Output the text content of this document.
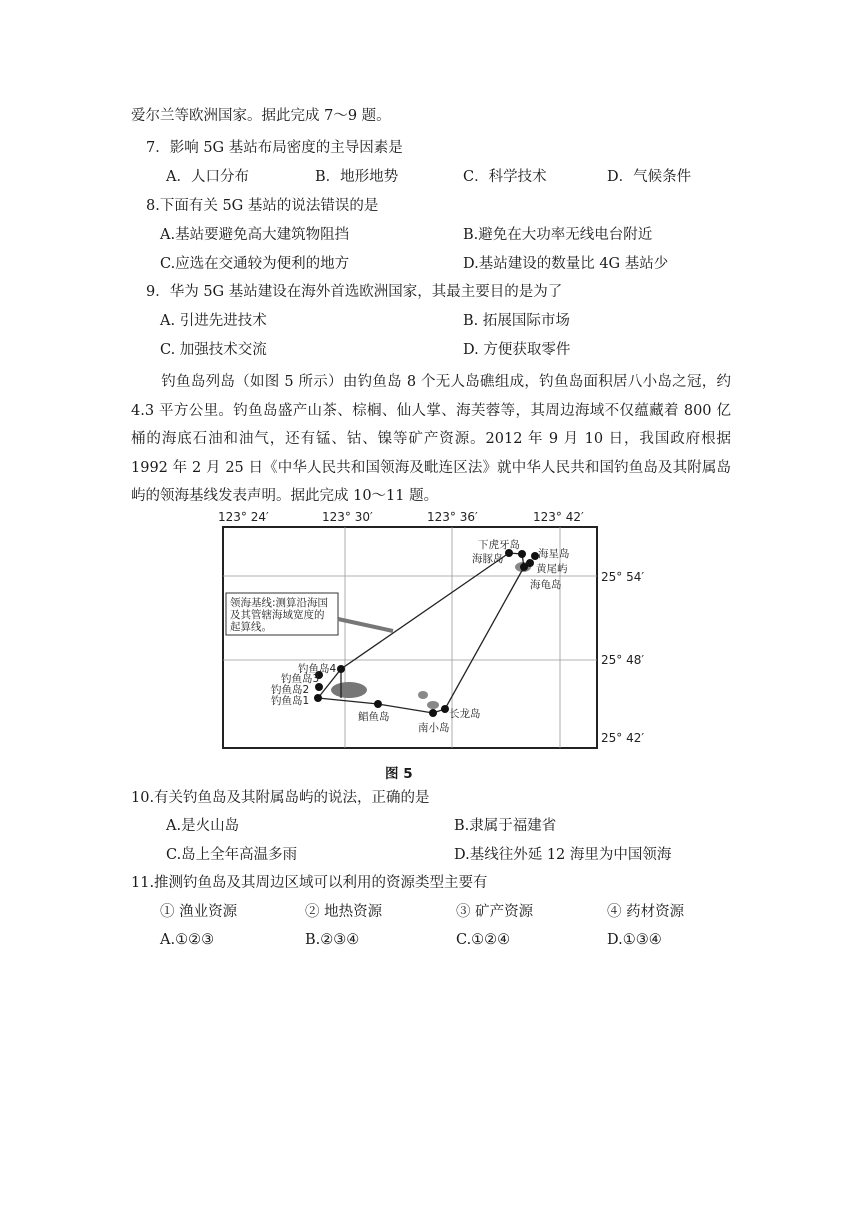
爱尔兰等欧洲国家。据此完成 7～9 题。
7．影响 5G 基站布局密度的主导因素是
A．人口分布	B．地形地势	C．科学技术	D．气候条件
8.下面有关 5G 基站的说法错误的是
A.基站要避免高大建筑物阻挡	B.避免在大功率无线电台附近
C.应选在交通较为便利的地方	D.基站建设的数量比 4G 基站少
9．华为 5G 基站建设在海外首选欧洲国家，其最主要目的是为了
A. 引进先进技术	B. 拓展国际市场
C. 加强技术交流	D. 方便获取零件
钓鱼岛列岛（如图 5 所示）由钓鱼岛 8 个无人岛礁组成，钓鱼岛面积居八小岛之冠，约 4.3 平方公里。钓鱼岛盛产山茶、棕榈、仙人掌、海芙蓉等，其周边海域不仅蕴藏着 800 亿桶的海底石油和油气，还有锰、钴、镍等矿产资源。2012 年 9 月 10 日，我国政府根据 1992 年 2 月 25 日《中华人民共和国领海及毗连区法》就中华人民共和国钓鱼岛及其附属岛屿的领海基线发表声明。据此完成 10～11 题。
123° 24′	123° 30′	123° 36′	123° 42′
25° 54′
25° 48′
25° 42′
领海基线:测算沿海国
及其管辖海域宽度的
起算线。
钓鱼岛4
钓鱼岛3
钓鱼岛2
钓鱼岛1
鲳鱼岛
南小岛
长龙岛
海龟岛
黄尾屿
海星岛
下虎牙岛
海豚岛
图 5
10.有关钓鱼岛及其附属岛屿的说法，正确的是
A.是火山岛	B.隶属于福建省
C.岛上全年高温多雨	D.基线往外延 12 海里为中国领海
11.推测钓鱼岛及其周边区域可以利用的资源类型主要有
① 渔业资源	② 地热资源	③ 矿产资源	④ 药材资源
A.①②③	B.②③④	C.①②④	D.①③④
